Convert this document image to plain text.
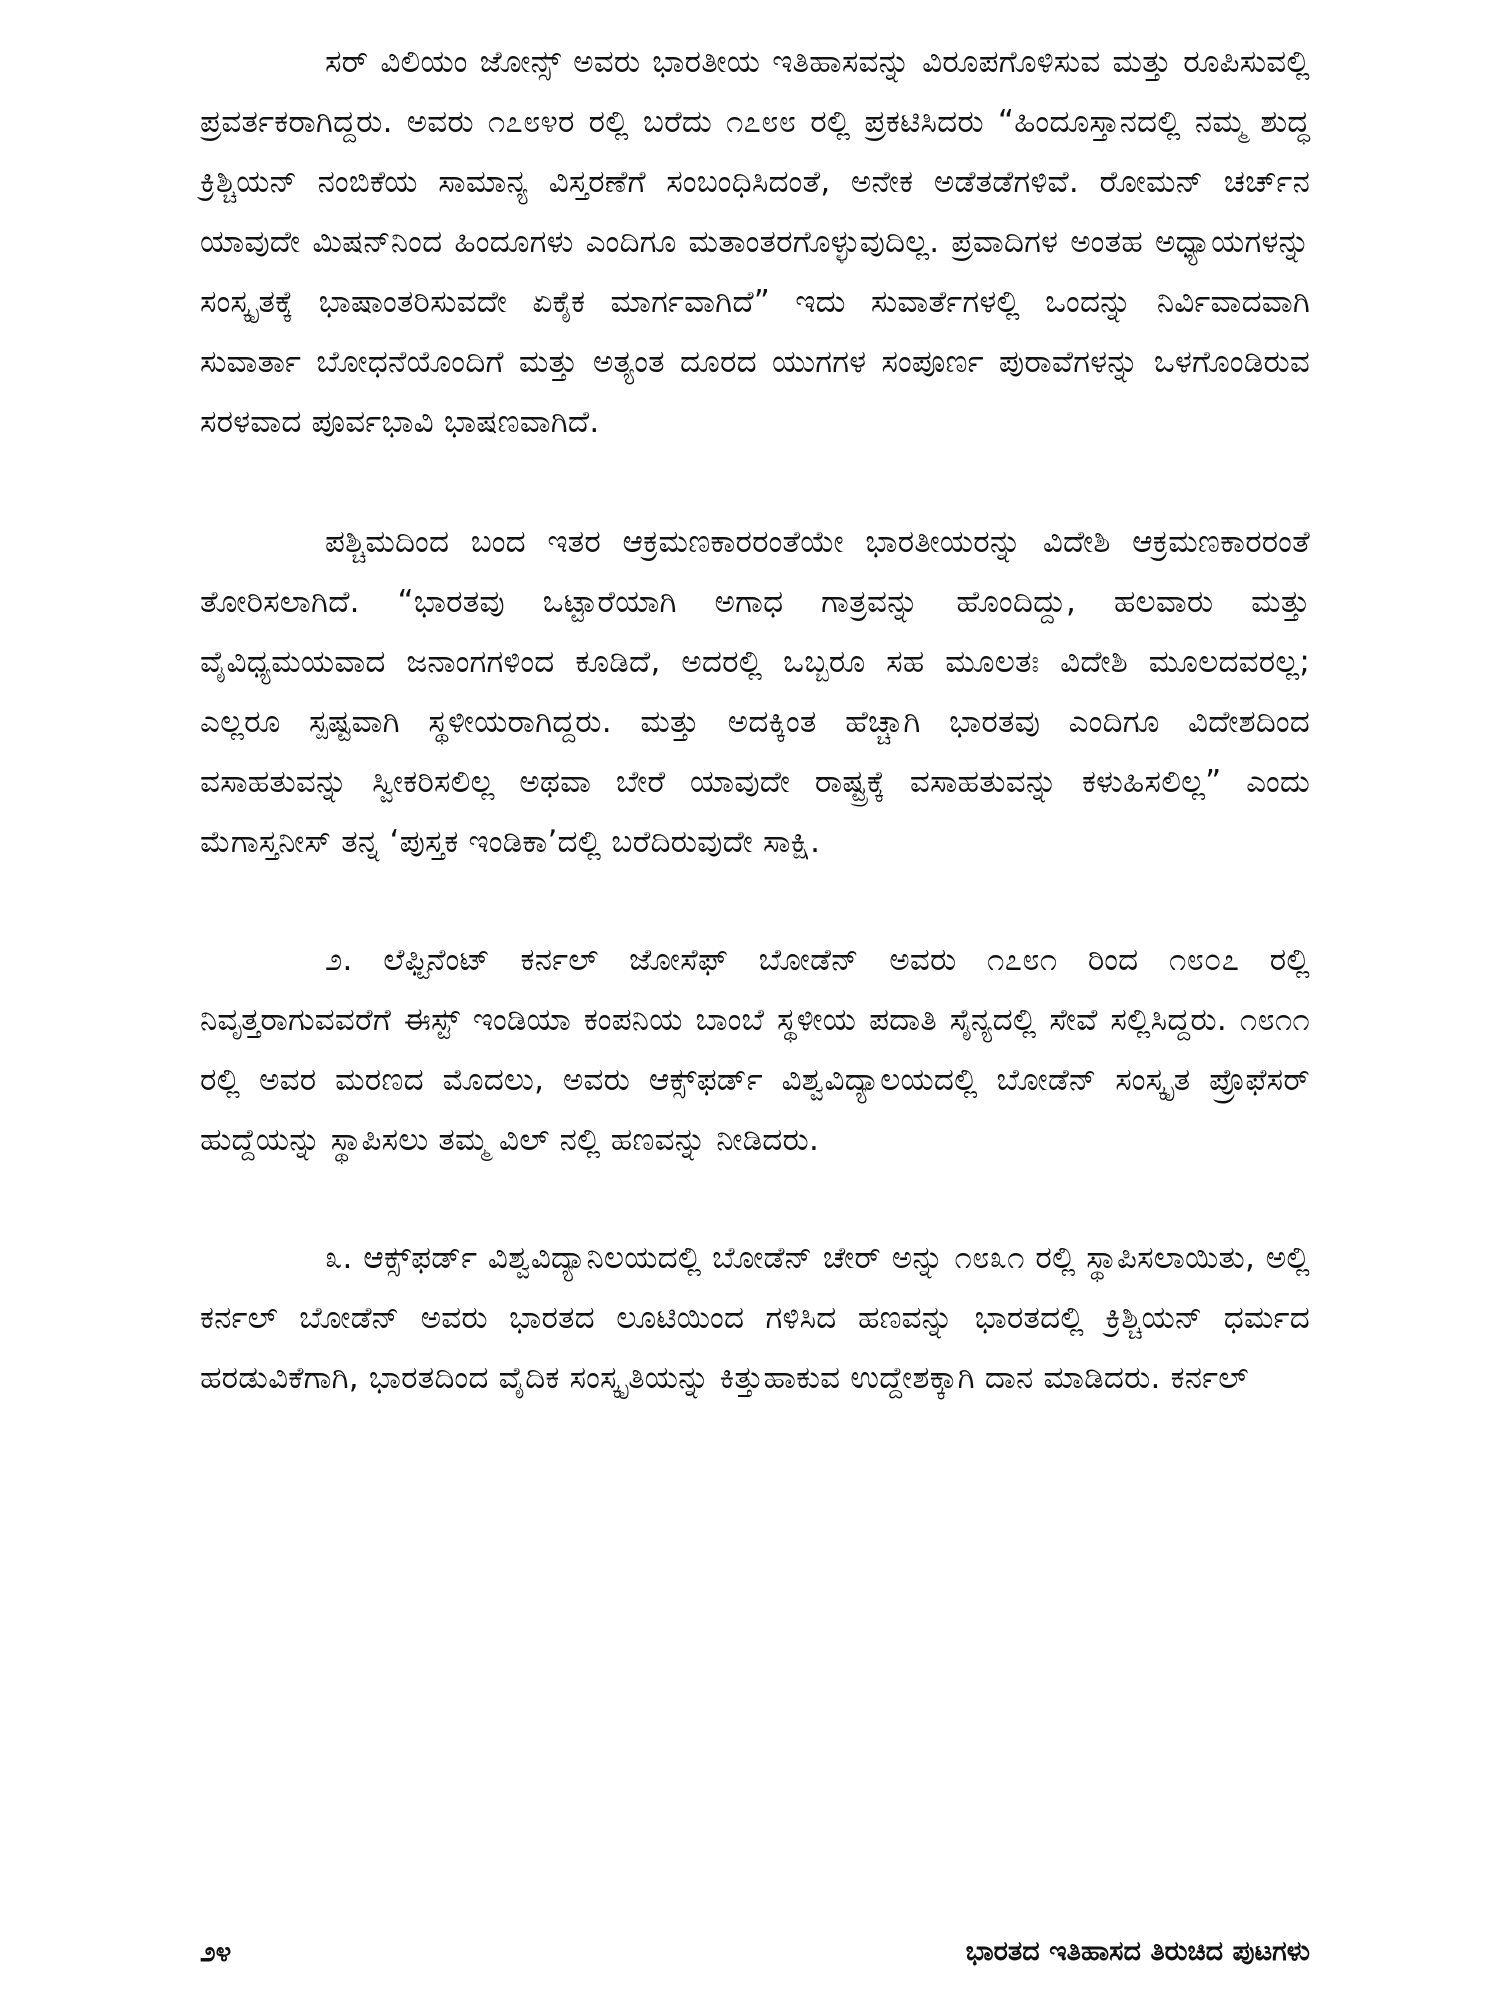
ಸರ್ ವಿಲಿಯಂ ಜೋನ್ಸ್ ಅವರು ಭಾರತೀಯ ಇತಿಹಾಸವನ್ನು ವಿರೂಪಗೊಳಿಸುವ ಮತ್ತು ರೂಪಿಸುವಲ್ಲಿ ಪ್ರವರ್ತಕರಾಗಿದ್ದರು. ಅವರು ೧೭೮೪ರ ರಲ್ಲಿ ಬರೆದು ೧೭೮೮ ರಲ್ಲಿ ಪ್ರಕಟಿಸಿದರು “ಹಿಂದೂಸ್ತಾನದಲ್ಲಿ ನಮ್ಮ ಶುದ್ಧ ಕ್ರಿಶ್ಚಿಯನ್ ನಂಬಿಕೆಯ ಸಾಮಾನ್ಯ ವಿಸ್ತರಣೆಗೆ ಸಂಬಂಧಿಸಿದಂತೆ, ಅನೇಕ ಅಡೆತಡೆಗಳಿವೆ. ರೋಮನ್ ಚರ್ಚ್‌ನ ಯಾವುದೇ ಮಿಷನ್‌ನಿಂದ ಹಿಂದೂಗಳು ಎಂದಿಗೂ ಮತಾಂತರಗೊಳ್ಳುವುದಿಲ್ಲ. ಪ್ರವಾದಿಗಳ ಅಂತಹ ಅಧ್ಯಾಯಗಳನ್ನು ಸಂಸ್ಕೃತಕ್ಕೆ ಭಾಷಾಂತರಿಸುವದೇ ಏಕೈಕ ಮಾರ್ಗವಾಗಿದೆ” ಇದು ಸುವಾರ್ತೆಗಳಲ್ಲಿ ಒಂದನ್ನು ನಿರ್ವಿವಾದವಾಗಿ ಸುವಾರ್ತಾ ಬೋಧನೆಯೊಂದಿಗೆ ಮತ್ತು ಅತ್ಯಂತ ದೂರದ ಯುಗಗಳ ಸಂಪೂರ್ಣ ಪುರಾವೆಗಳನ್ನು ಒಳಗೊಂಡಿರುವ ಸರಳವಾದ ಪೂರ್ವಭಾವಿ ಭಾಷಣವಾಗಿದೆ.

ಪಶ್ಚಿಮದಿಂದ ಬಂದ ಇತರ ಆಕ್ರಮಣಕಾರರಂತೆಯೇ ಭಾರತೀಯರನ್ನು ವಿದೇಶಿ ಆಕ್ರಮಣಕಾರರಂತೆ ತೋರಿಸಲಾಗಿದೆ. “ಭಾರತವು ಒಟ್ಟಾರೆಯಾಗಿ ಅಗಾಧ ಗಾತ್ರವನ್ನು ಹೊಂದಿದ್ದು, ಹಲವಾರು ಮತ್ತು ವೈವಿಧ್ಯಮಯವಾದ ಜನಾಂಗಗಳಿಂದ ಕೂಡಿದೆ, ಅದರಲ್ಲಿ ಒಬ್ಬರೂ ಸಹ ಮೂಲತಃ ವಿದೇಶಿ ಮೂಲದವರಲ್ಲ; ಎಲ್ಲರೂ ಸ್ಪಷ್ಟವಾಗಿ ಸ್ಥಳೀಯರಾಗಿದ್ದರು. ಮತ್ತು ಅದಕ್ಕಿಂತ ಹೆಚ್ಚಾಗಿ ಭಾರತವು ಎಂದಿಗೂ ವಿದೇಶದಿಂದ ವಸಾಹತುವನ್ನು ಸ್ವೀಕರಿಸಲಿಲ್ಲ ಅಥವಾ ಬೇರೆ ಯಾವುದೇ ರಾಷ್ಟ್ರಕ್ಕೆ ವಸಾಹತುವನ್ನು ಕಳುಹಿಸಲಿಲ್ಲ” ಎಂದು ಮೆಗಾಸ್ತನೀಸ್ ತನ್ನ ‘ಪುಸ್ತಕ ಇಂಡಿಕಾ’ದಲ್ಲಿ ಬರೆದಿರುವುದೇ ಸಾಕ್ಷಿ.

೨. ಲೆಫ್ಟಿನೆಂಟ್ ಕರ್ನಲ್ ಜೋಸೆಫ್ ಬೋಡೆನ್ ಅವರು ೧೭೮೧ ರಿಂದ ೧೮೦೭ ರಲ್ಲಿ ನಿವೃತ್ತರಾಗುವವರೆಗೆ ಈಸ್ಟ್ ಇಂಡಿಯಾ ಕಂಪನಿಯ ಬಾಂಬೆ ಸ್ಥಳೀಯ ಪದಾತಿ ಸೈನ್ಯದಲ್ಲಿ ಸೇವೆ ಸಲ್ಲಿಸಿದ್ದರು. ೧೮೧೧ ರಲ್ಲಿ ಅವರ ಮರಣದ ಮೊದಲು, ಅವರು ಆಕ್ಸ್‌ಫರ್ಡ್ ವಿಶ್ವವಿದ್ಯಾಲಯದಲ್ಲಿ ಬೋಡೆನ್ ಸಂಸ್ಕೃತ ಪ್ರೊಫೆಸರ್ ಹುದ್ದೆಯನ್ನು ಸ್ಥಾಪಿಸಲು ತಮ್ಮ ವಿಲ್ ನಲ್ಲಿ ಹಣವನ್ನು ನೀಡಿದರು.

೩. ಆಕ್ಸ್‌ಫರ್ಡ್ ವಿಶ್ವವಿದ್ಯಾನಿಲಯದಲ್ಲಿ ಬೋಡೆನ್ ಚೇರ್ ಅನ್ನು ೧೮೩೧ ರಲ್ಲಿ ಸ್ಥಾಪಿಸಲಾಯಿತು, ಅಲ್ಲಿ ಕರ್ನಲ್ ಬೋಡೆನ್ ಅವರು ಭಾರತದ ಲೂಟಿಯಿಂದ ಗಳಿಸಿದ ಹಣವನ್ನು ಭಾರತದಲ್ಲಿ ಕ್ರಿಶ್ಚಿಯನ್ ಧರ್ಮದ ಹರಡುವಿಕೆಗಾಗಿ, ಭಾರತದಿಂದ ವೈದಿಕ ಸಂಸ್ಕೃತಿಯನ್ನು ಕಿತ್ತುಹಾಕುವ ಉದ್ದೇಶಕ್ಕಾಗಿ ದಾನ ಮಾಡಿದರು. ಕರ್ನಲ್

೨೪	ಭಾರತದ ಇತಿಹಾಸದ ತಿರುಚಿದ ಪುಟಗಳು
